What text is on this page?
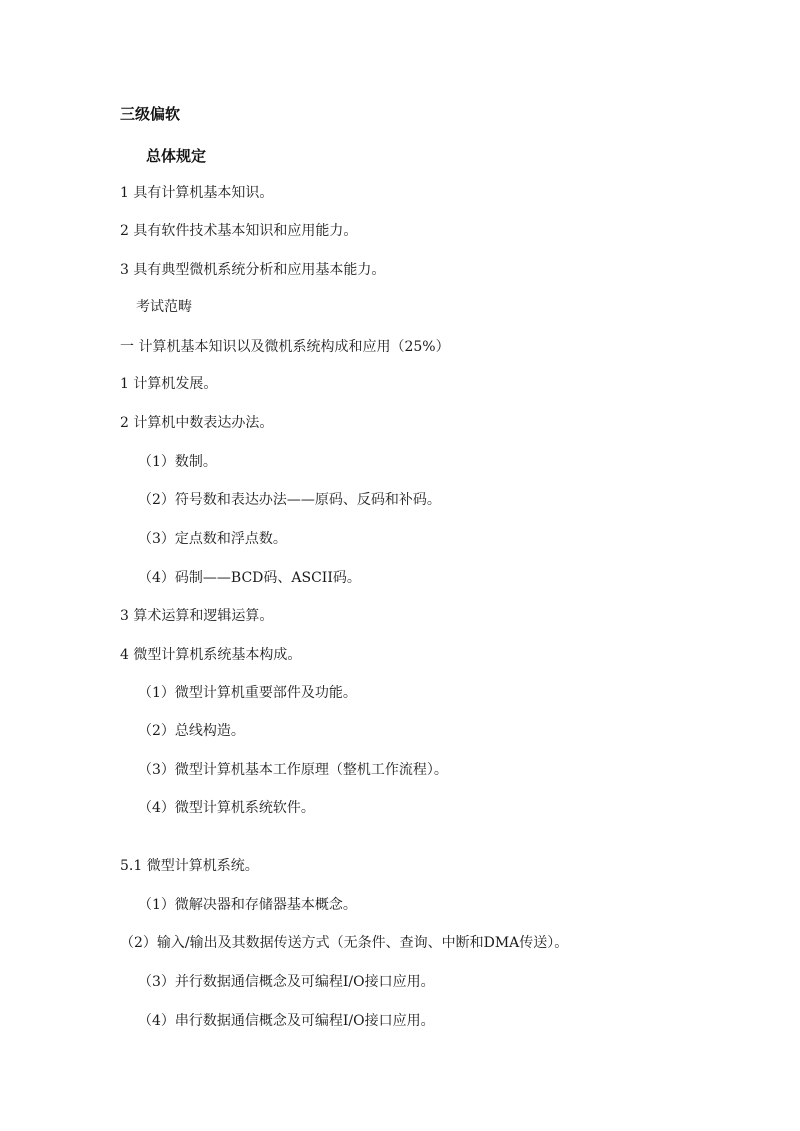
三级偏软
总体规定
1 具有计算机基本知识。
2 具有软件技术基本知识和应用能力。
3 具有典型微机系统分析和应用基本能力。
考试范畴
一 计算机基本知识以及微机系统构成和应用（25%）
1 计算机发展。
2 计算机中数表达办法。
（1）数制。
（2）符号数和表达办法——原码、反码和补码。
（3）定点数和浮点数。
（4）码制——BCD码、ASCII码。
3 算术运算和逻辑运算。
4 微型计算机系统基本构成。
（1）微型计算机重要部件及功能。
（2）总线构造。
（3）微型计算机基本工作原理（整机工作流程）。
（4）微型计算机系统软件。
5.1 微型计算机系统。
（1）微解决器和存储器基本概念。
（2）输入/输出及其数据传送方式（无条件、查询、中断和DMA传送）。
（3）并行数据通信概念及可编程I/O接口应用。
（4）串行数据通信概念及可编程I/O接口应用。
